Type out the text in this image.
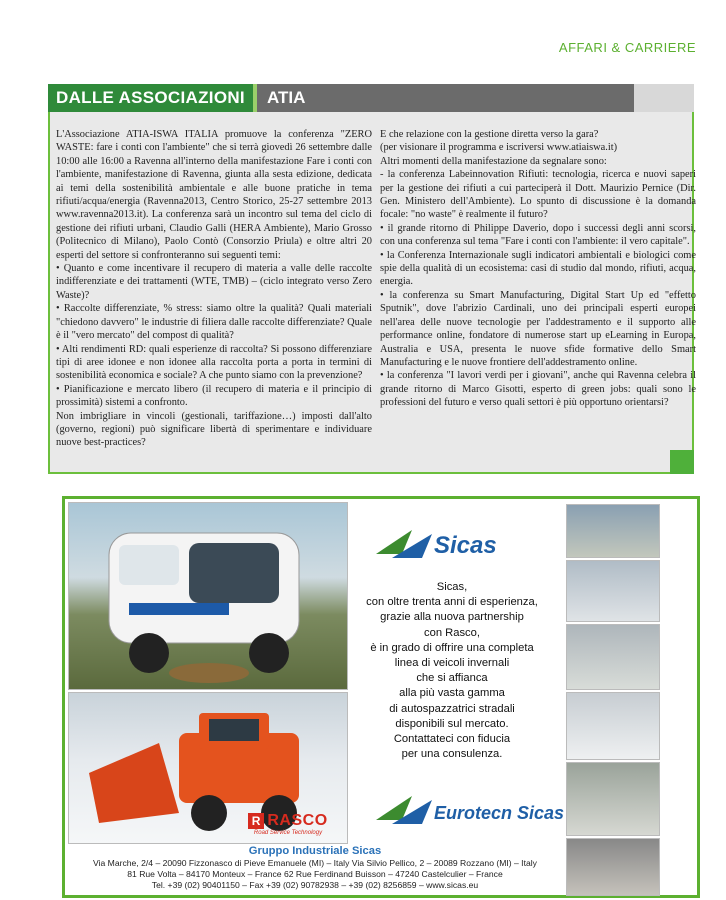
AFFARI & CARRIERE
DALLE ASSOCIAZIONI	ATIA

L'Associazione ATIA-ISWA ITALIA promuove la conferenza "ZERO WASTE: fare i conti con l'ambiente" che si terrà giovedì 26 settembre dalle 10:00 alle 16:00 a Ravenna all'interno della manifestazione Fare i conti con l'ambiente, manifestazione di Ravenna, giunta alla sesta edizione, dedicata ai temi della sostenibilità ambientale e alle buone pratiche in tema rifiuti/acqua/energia (Ravenna2013, Centro Storico, 25-27 settembre 2013 www.ravenna2013.it). La conferenza sarà un incontro sul tema del ciclo di gestione dei rifiuti urbani, Claudio Galli (HERA Ambiente), Mario Grosso (Politecnico di Milano), Paolo Contò (Consorzio Priula) e oltre altri 20 esperti del settore si confronteranno sui seguenti temi:

• Quanto e come incentivare il recupero di materia a valle delle raccolte indifferenziate e dei trattamenti (WTE, TMB) – (ciclo integrato verso Zero Waste)?

• Raccolte differenziate, % stress: siamo oltre la qualità? Quali materiali "chiedono davvero" le industrie di filiera dalle raccolte differenziate? Quale è il "vero mercato" del compost di qualità?

• Alti rendimenti RD: quali esperienze di raccolta? Si possono differenziare tipi di aree idonee e non idonee alla raccolta porta a porta in termini di sostenibilità economica e sociale? A che punto siamo con la prevenzione?

• Pianificazione e mercato libero (il recupero di materia e il principio di prossimità) sistemi a confronto.

Non imbrigliare in vincoli (gestionali, tariffazione…) imposti dall'alto (governo, regioni) può significare libertà di sperimentare e individuare nuove best-practices?

E che relazione con la gestione diretta verso la gara?

(per visionare il programma e iscriversi www.atiaiswa.it)

Altri momenti della manifestazione da segnalare sono:

- la conferenza Labeinnovation Rifiuti: tecnologia, ricerca e nuovi saperi per la gestione dei rifiuti a cui parteciperà il Dott. Maurizio Pernice (Dir. Gen. Ministero dell'Ambiente). Lo spunto di discussione è la domanda focale: "no waste" è realmente il futuro?

• il grande ritorno di Philippe Daverio, dopo i successi degli anni scorsi, con una conferenza sul tema "Fare i conti con l'ambiente: il vero capitale".

• la Conferenza Internazionale sugli indicatori ambientali e biologici come spie della qualità di un ecosistema: casi di studio dal mondo, rifiuti, acqua, energia.

• la conferenza su Smart Manufacturing, Digital Start Up ed "effetto Sputnik", dove l'abrizio Cardinali, uno dei principali esperti europei nell'area delle nuove tecnologie per l'addestramento e il supporto alle performance online, fondatore di numerose start up eLearning in Europa, Australia e USA, presenta le nuove sfide formative dello Smart Manufacturing e le nuove frontiere dell'addestramento online.

• la conferenza "I lavori verdi per i giovani", anche qui Ravenna celebra il grande ritorno di Marco Gisotti, esperto di green jobs: quali sono le professioni del futuro e verso quali settori è più opportuno orientarsi?

Sicas
Sicas,
con oltre trenta anni di esperienza,
grazie alla nuova partnership
con Rasco,
è in grado di offrire una completa
linea di veicoli invernali
che si affianca
alla più vasta gamma
di autospazzatrici stradali
disponibili sul mercato.
Contattateci con fiducia
per una consulenza.
Eurotecn Sicas
R RASCO
Road Service Technology
Gruppo Industriale Sicas
Via Marche, 2/4 – 20090 Fizzonasco di Pieve Emanuele (MI) – Italy Via Silvio Pellico, 2 – 20089 Rozzano (MI) – Italy
81 Rue Volta – 84170 Monteux – France 62 Rue Ferdinand Buisson – 47240 Castelculier – France
Tel. +39 (02) 90401150 – Fax +39 (02) 90782938 – +39 (02) 8256859 – www.sicas.eu
